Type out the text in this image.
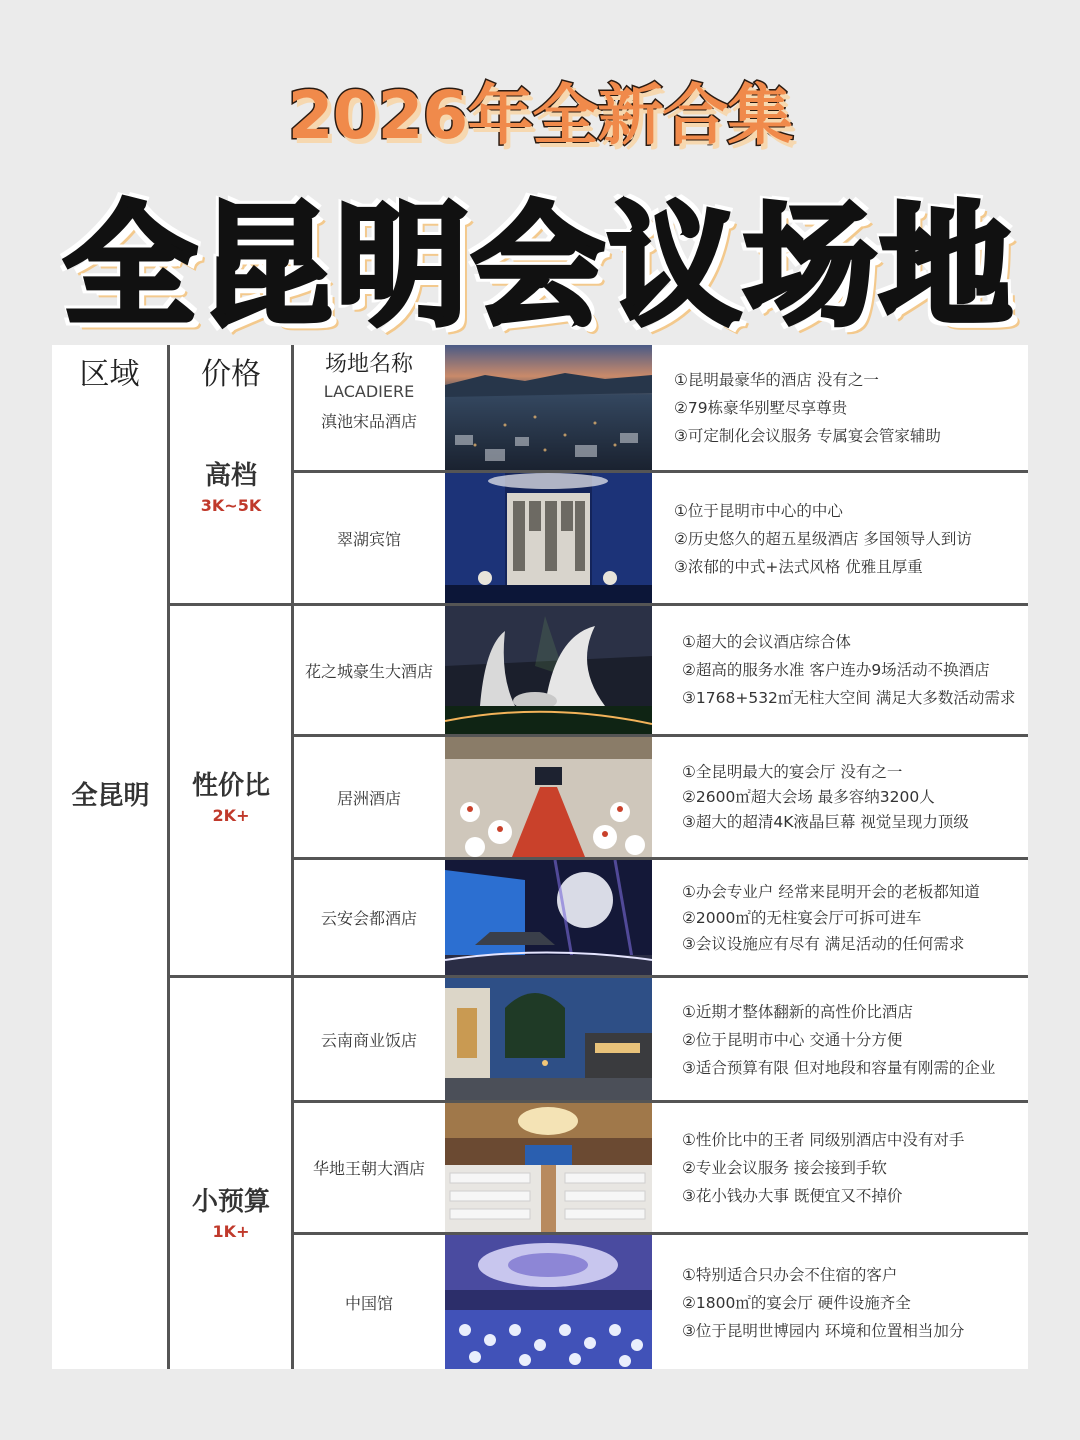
2026年全新合集
全昆明会议场地
区域	价格
全昆明
高档
3K~5K
性价比
2K+
小预算
1K+
场地名称
LACADIERE
滇池宋品酒店
①昆明最豪华的酒店 没有之一
②79栋豪华别墅尽享尊贵
③可定制化会议服务 专属宴会管家辅助
翠湖宾馆
①位于昆明市中心的中心
②历史悠久的超五星级酒店 多国领导人到访
③浓郁的中式+法式风格 优雅且厚重
花之城豪生大酒店
①超大的会议酒店综合体
②超高的服务水准 客户连办9场活动不换酒店
③1768+532㎡无柱大空间 满足大多数活动需求
居洲酒店
①全昆明最大的宴会厅 没有之一
②2600㎡超大会场 最多容纳3200人
③超大的超清4K液晶巨幕 视觉呈现力顶级
云安会都酒店
①办会专业户 经常来昆明开会的老板都知道
②2000㎡的无柱宴会厅可拆可进车
③会议设施应有尽有 满足活动的任何需求
云南商业饭店
①近期才整体翻新的高性价比酒店
②位于昆明市中心 交通十分方便
③适合预算有限 但对地段和容量有刚需的企业
华地王朝大酒店
①性价比中的王者 同级别酒店中没有对手
②专业会议服务 接会接到手软
③花小钱办大事 既便宜又不掉价
中国馆
①特别适合只办会不住宿的客户
②1800㎡的宴会厅 硬件设施齐全
③位于昆明世博园内 环境和位置相当加分
